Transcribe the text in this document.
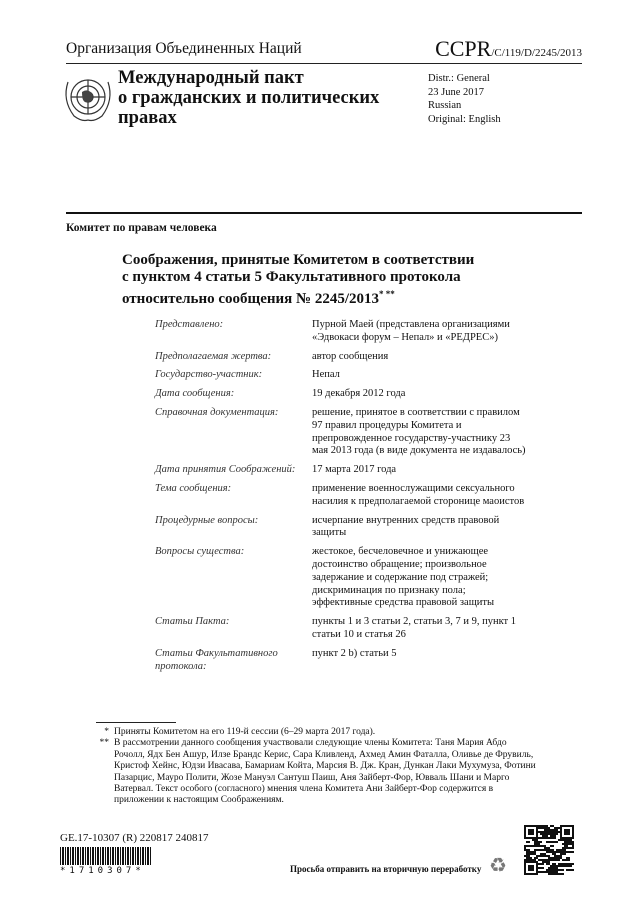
Организация Объединенных Наций	CCPR/C/119/D/2245/2013
Международный пакт
о гражданских и политических
правах
Distr.: General
23 June 2017
Russian
Original: English
Комитет по правам человека
Соображения, принятые Комитетом в соответствии
с пунктом 4 статьи 5 Факультативного протокола
относительно сообщения № 2245/2013* **
Представлено:	Пурной Маей (представлена организациями «Эдвокаси форум – Непал» и «РЕДРЕС»)
Предполагаемая жертва:	автор сообщения
Государство-участник:	Непал
Дата сообщения:	19 декабря 2012 года
Справочная документация:	решение, принятое в соответствии с правилом 97 правил процедуры Комитета и препровожденное государству-участнику 23 мая 2013 года (в виде документа не издавалось)
Дата принятия Соображений:	17 марта 2017 года
Тема сообщения:	применение военнослужащими сексуального насилия к предполагаемой сторонице маоистов
Процедурные вопросы:	исчерпание внутренних средств правовой защиты
Вопросы существа:	жестокое, бесчеловечное и унижающее достоинство обращение; произвольное задержание и содержание под стражей; дискриминация по признаку пола; эффективные средства правовой защиты
Статьи Пакта:	пункты 1 и 3 статьи 2, статьи 3, 7 и 9, пункт 1 статьи 10 и статья 26
Статьи Факультативного протокола:
пункт 2 b) статьи 5
* Приняты Комитетом на его 119-й сессии (6–29 марта 2017 года).
** В рассмотрении данного сообщения участвовали следующие члены Комитета: Таня Мария Абдо Рочолл, Ядх Бен Ашур, Илзе Брандс Керис, Сара Кливленд, Ахмед Амин Фаталла, Оливье де Фрувиль, Кристоф Хейнс, Юдзи Ивасава, Бамариам Койта, Марсия В. Дж. Кран, Дункан Лаки Мухумуза, Фотини Пазарцис, Мауро Полити, Жозе Мануэл Сантуш Паиш, Аня Зайберт-Фор, Ювваль Шани и Марго Ватервал. Текст особого (согласного) мнения члена Комитета Ани Зайберт-Фор содержится в приложении к настоящим Соображениям.
GE.17-10307 (R) 220817 240817
*1710307*	Просьба отправить на вторичную переработку ♻
